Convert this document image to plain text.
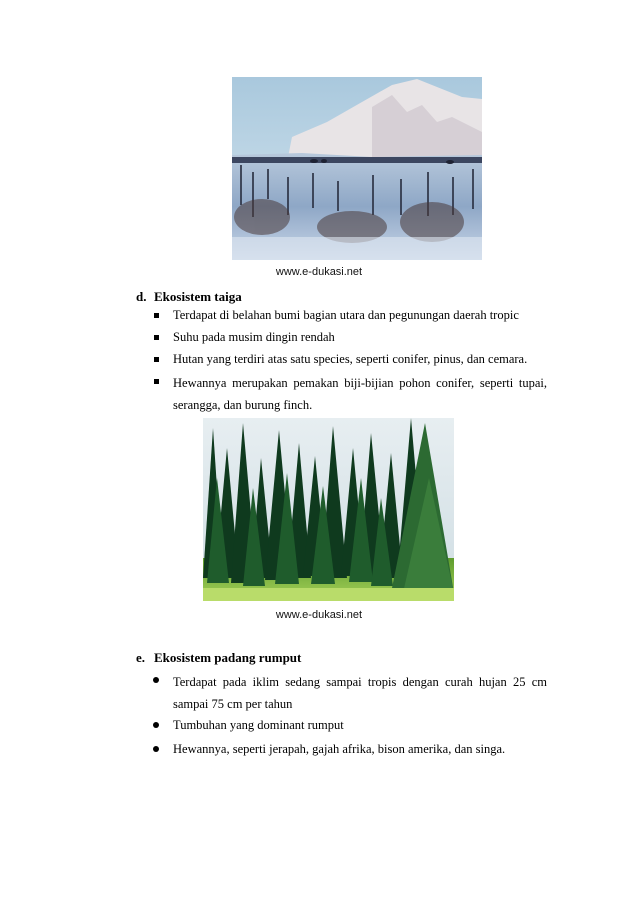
www.e-dukasi.net
d. Ekosistem taiga
Terdapat di belahan bumi bagian utara dan pegunungan daerah tropic
Suhu pada musim dingin rendah
Hutan yang terdiri atas satu species, seperti conifer, pinus, dan cemara.
Hewannya merupakan pemakan biji-bijian pohon conifer, seperti tupai, serangga, dan burung finch.
www.e-dukasi.net
e. Ekosistem padang rumput
Terdapat pada iklim sedang sampai tropis dengan curah hujan 25 cm sampai 75 cm per tahun
Tumbuhan yang dominant rumput
Hewannya, seperti jerapah, gajah afrika, bison amerika, dan singa.
